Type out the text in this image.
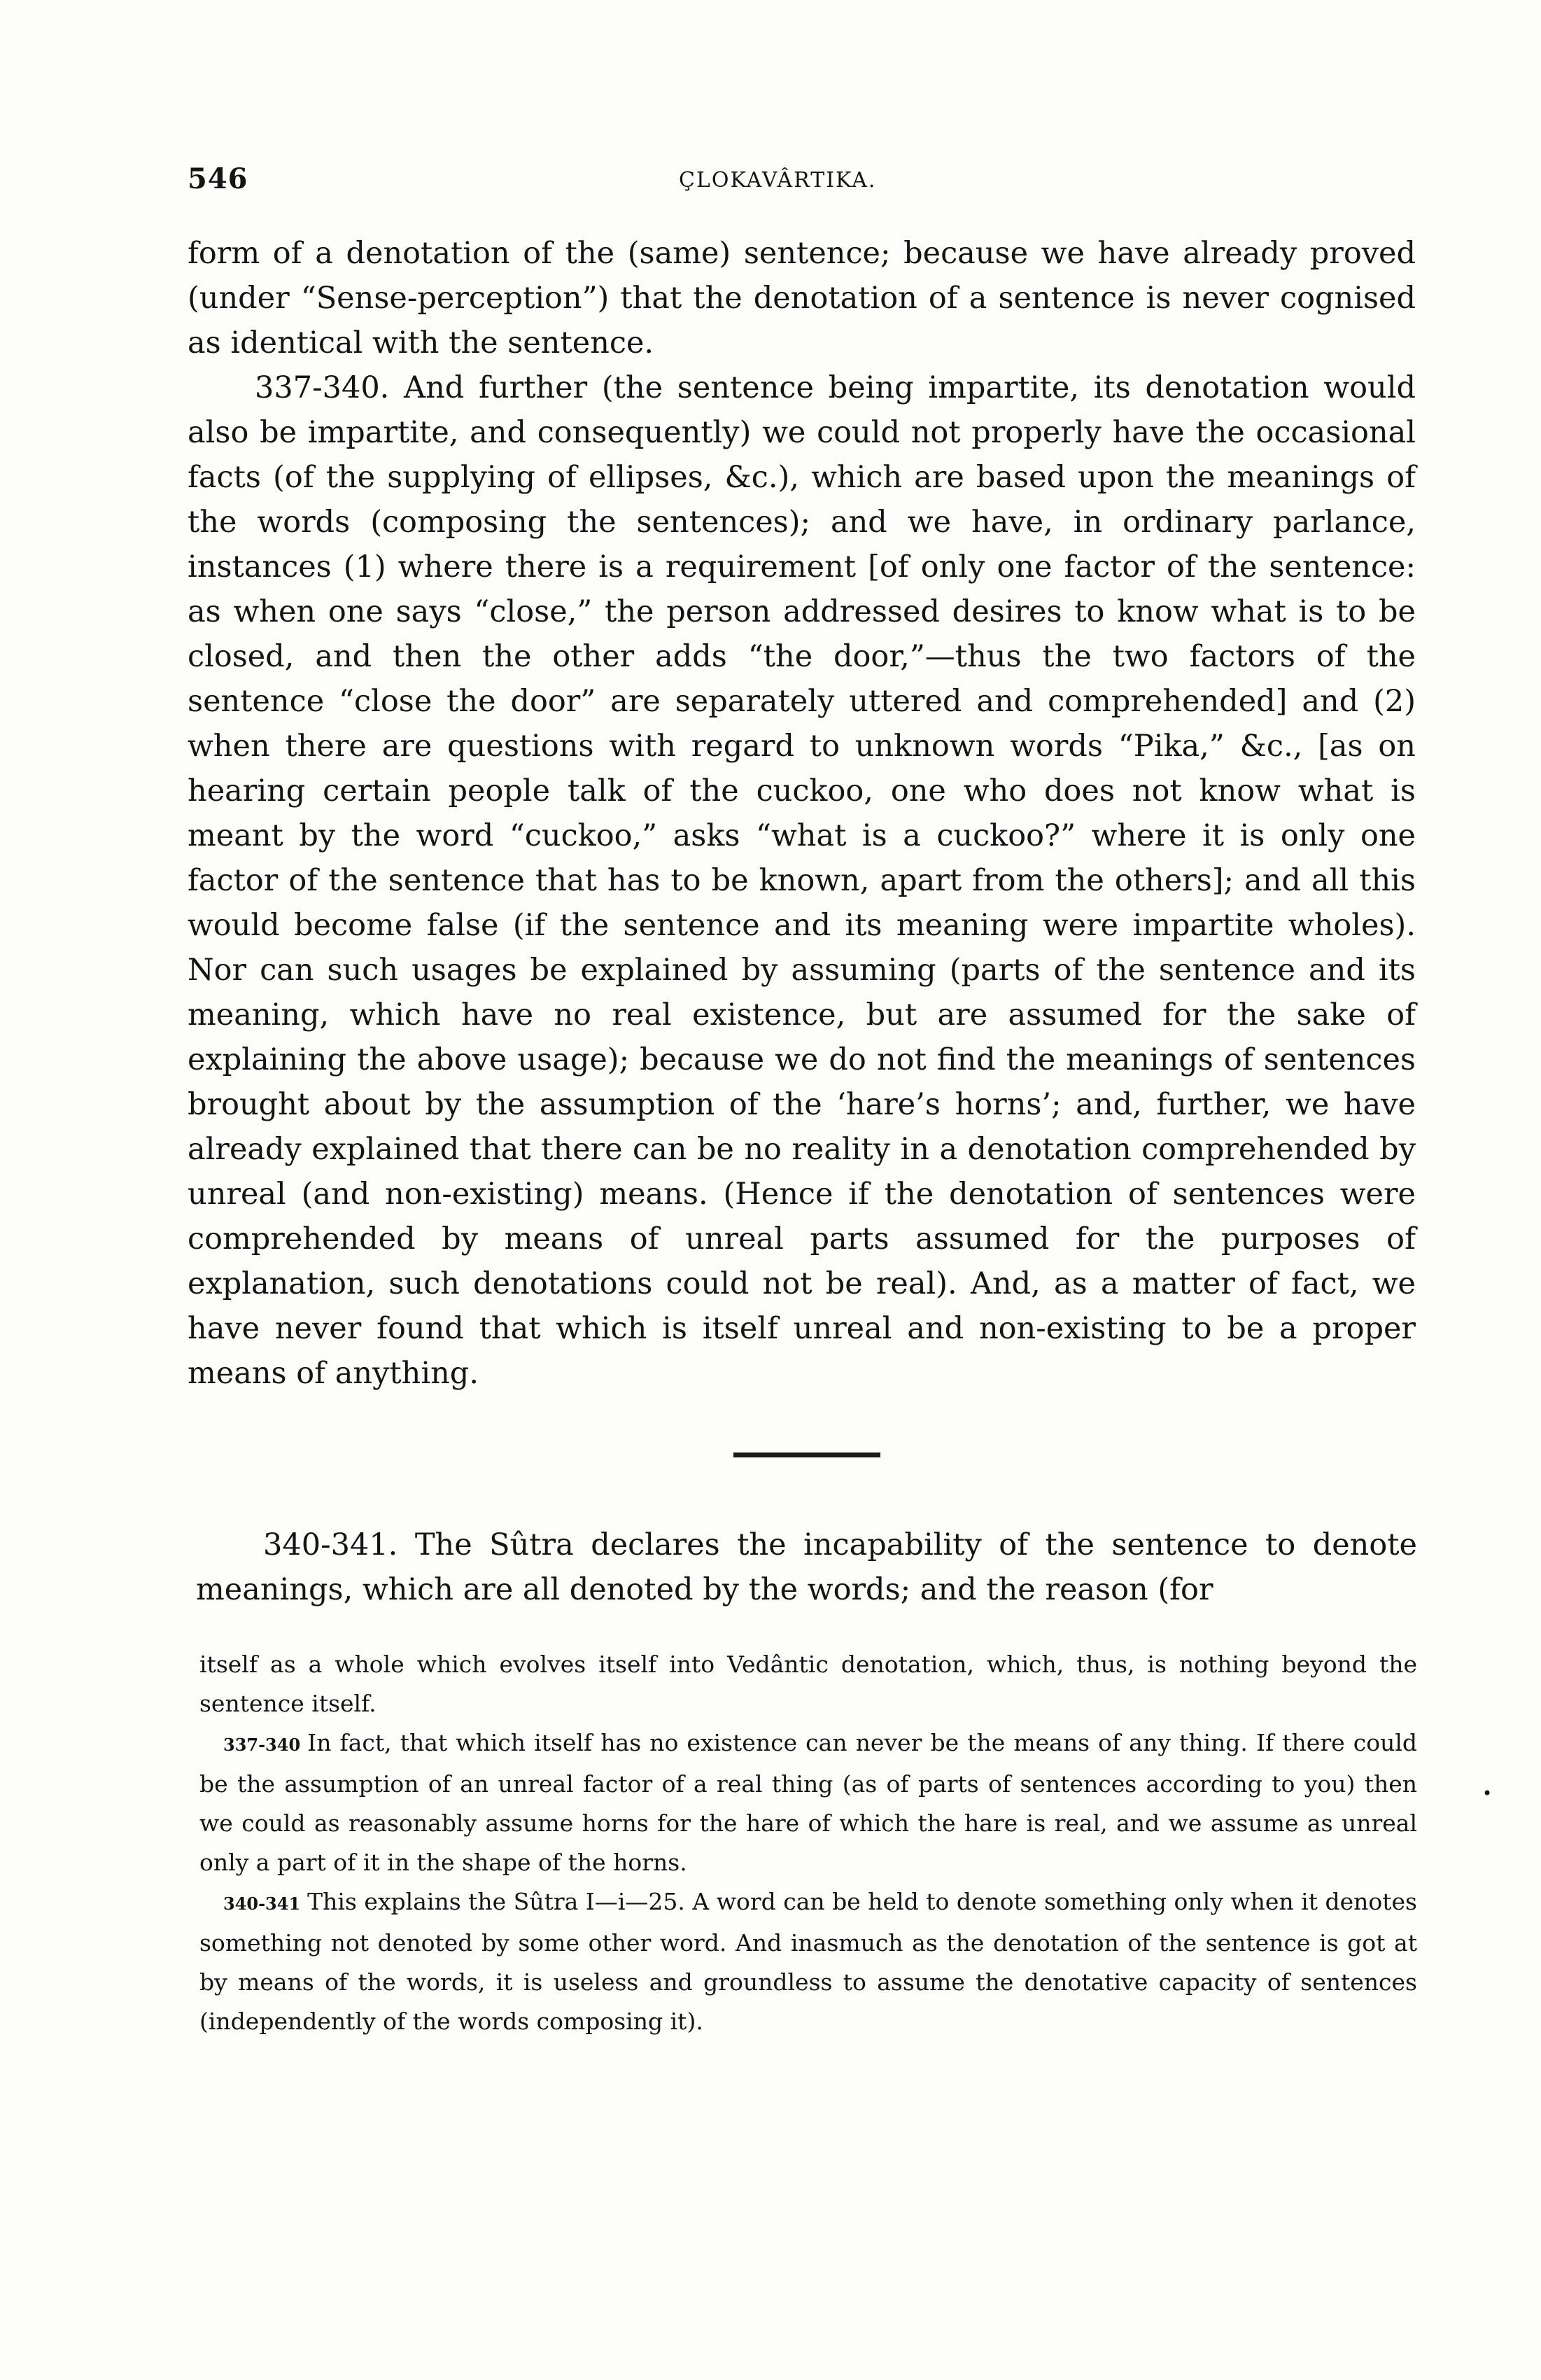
546	ÇLOKAVÂRTIKA.

form of a denotation of the (same) sentence; because we have already proved (under “Sense-perception”) that the denotation of a sentence is never cognised as identical with the sentence.

337-340. And further (the sentence being impartite, its denotation would also be impartite, and consequently) we could not properly have the occasional facts (of the supplying of ellipses, &c.), which are based upon the meanings of the words (composing the sentences); and we have, in ordinary parlance, instances (1) where there is a requirement [of only one factor of the sentence: as when one says “close,” the person addressed desires to know what is to be closed, and then the other adds “the door,”—thus the two factors of the sentence “close the door” are separately uttered and comprehended] and (2) when there are questions with regard to unknown words “Pika,” &c., [as on hearing certain people talk of the cuckoo, one who does not know what is meant by the word “cuckoo,” asks “what is a cuckoo?” where it is only one factor of the sentence that has to be known, apart from the others]; and all this would become false (if the sentence and its meaning were impartite wholes). Nor can such usages be explained by assuming (parts of the sentence and its meaning, which have no real existence, but are assumed for the sake of explaining the above usage); because we do not find the meanings of sentences brought about by the assumption of the ‘hare’s horns’; and, further, we have already explained that there can be no reality in a denotation comprehended by unreal (and non-existing) means. (Hence if the denotation of sentences were comprehended by means of unreal parts assumed for the purposes of explanation, such denotations could not be real). And, as a matter of fact, we have never found that which is itself unreal and non-existing to be a proper means of anything.

340-341. The Sûtra declares the incapability of the sentence to denote meanings, which are all denoted by the words; and the reason (for

itself as a whole which evolves itself into Vedântic denotation, which, thus, is nothing beyond the sentence itself.

337-340 In fact, that which itself has no existence can never be the means of any thing. If there could be the assumption of an unreal factor of a real thing (as of parts of sentences according to you) then we could as reasonably assume horns for the hare of which the hare is real, and we assume as unreal only a part of it in the shape of the horns.

340-341 This explains the Sûtra I—i—25. A word can be held to denote something only when it denotes something not denoted by some other word. And inasmuch as the denotation of the sentence is got at by means of the words, it is useless and groundless to assume the denotative capacity of sentences (independently of the words composing it).

•
